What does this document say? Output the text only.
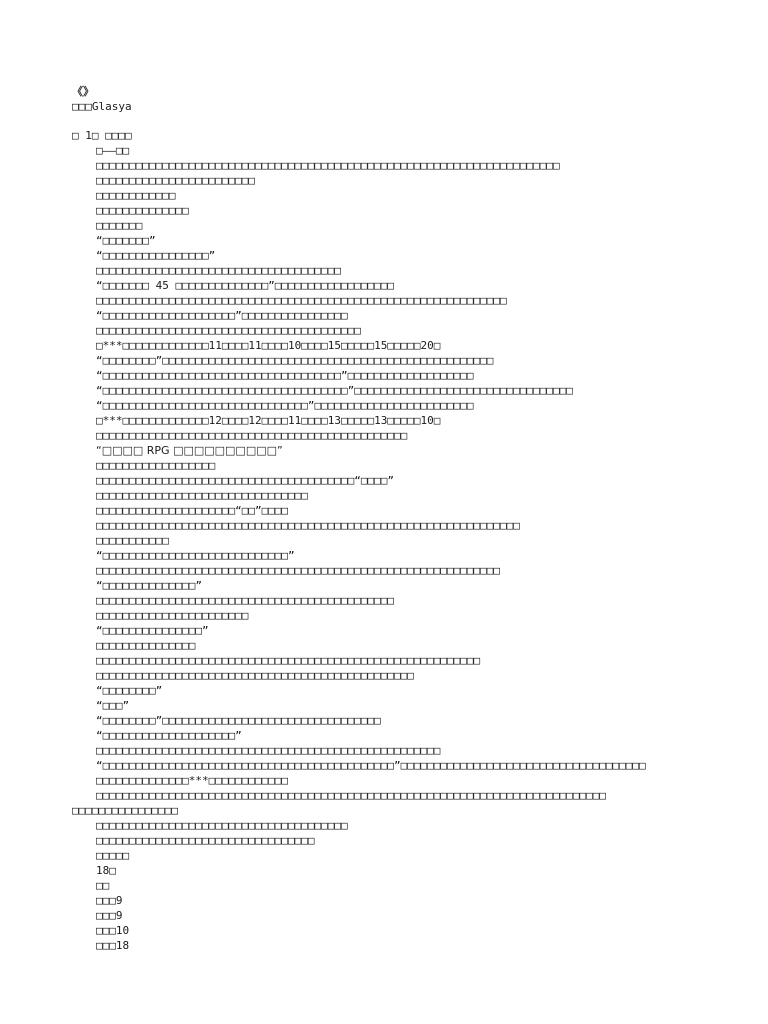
《》
□□□Glasya
□ 1□ □□□□
□——□□
□□□□□□□□□□□□□□□□□□□□□□□□□□□□□□□□□□□□□□□□□□□□□□□□□□□□□□□□□□□□□□□□□□□□□□
□□□□□□□□□□□□□□□□□□□□□□□□
□□□□□□□□□□□□
□□□□□□□□□□□□□□
□□□□□□□
“□□□□□□□”
“□□□□□□□□□□□□□□□□”
□□□□□□□□□□□□□□□□□□□□□□□□□□□□□□□□□□□□□
“□□□□□□□ 45 □□□□□□□□□□□□□□”□□□□□□□□□□□□□□□□□□
□□□□□□□□□□□□□□□□□□□□□□□□□□□□□□□□□□□□□□□□□□□□□□□□□□□□□□□□□□□□□□
“□□□□□□□□□□□□□□□□□□□□”□□□□□□□□□□□□□□□□
□□□□□□□□□□□□□□□□□□□□□□□□□□□□□□□□□□□□□□□□
□***□□□□□□□□□□□□□11□□□□11□□□□10□□□□15□□□□□15□□□□□20□
“□□□□□□□□”□□□□□□□□□□□□□□□□□□□□□□□□□□□□□□□□□□□□□□□□□□□□□□□□□□
“□□□□□□□□□□□□□□□□□□□□□□□□□□□□□□□□□□□□”□□□□□□□□□□□□□□□□□□□
“□□□□□□□□□□□□□□□□□□□□□□□□□□□□□□□□□□□□□”□□□□□□□□□□□□□□□□□□□□□□□□□□□□□□□□□
“□□□□□□□□□□□□□□□□□□□□□□□□□□□□□□□”□□□□□□□□□□□□□□□□□□□□□□□□
□***□□□□□□□□□□□□□12□□□□12□□□□11□□□□13□□□□□13□□□□□10□
□□□□□□□□□□□□□□□□□□□□□□□□□□□□□□□□□□□□□□□□□□□□□□□
“□□□□ RPG □□□□□□□□□□”
□□□□□□□□□□□□□□□□□□
□□□□□□□□□□□□□□□□□□□□□□□□□□□□□□□□□□□□□□□“□□□□”
□□□□□□□□□□□□□□□□□□□□□□□□□□□□□□□□
□□□□□□□□□□□□□□□□□□□□□“□□”□□□□
□□□□□□□□□□□□□□□□□□□□□□□□□□□□□□□□□□□□□□□□□□□□□□□□□□□□□□□□□□□□□□□□
□□□□□□□□□□□
“□□□□□□□□□□□□□□□□□□□□□□□□□□□□”
□□□□□□□□□□□□□□□□□□□□□□□□□□□□□□□□□□□□□□□□□□□□□□□□□□□□□□□□□□□□□
“□□□□□□□□□□□□□□”
□□□□□□□□□□□□□□□□□□□□□□□□□□□□□□□□□□□□□□□□□□□□□
□□□□□□□□□□□□□□□□□□□□□□□
“□□□□□□□□□□□□□□□”
□□□□□□□□□□□□□□□
□□□□□□□□□□□□□□□□□□□□□□□□□□□□□□□□□□□□□□□□□□□□□□□□□□□□□□□□□□
□□□□□□□□□□□□□□□□□□□□□□□□□□□□□□□□□□□□□□□□□□□□□□□□
“□□□□□□□□”
“□□□”
“□□□□□□□□”□□□□□□□□□□□□□□□□□□□□□□□□□□□□□□□□□
“□□□□□□□□□□□□□□□□□□□□”
□□□□□□□□□□□□□□□□□□□□□□□□□□□□□□□□□□□□□□□□□□□□□□□□□□□□
“□□□□□□□□□□□□□□□□□□□□□□□□□□□□□□□□□□□□□□□□□□□□”□□□□□□□□□□□□□□□□□□□□□□□□□□□□□□□□□□□□□
□□□□□□□□□□□□□□***□□□□□□□□□□□□
□□□□□□□□□□□□□□□□□□□□□□□□□□□□□□□□□□□□□□□□□□□□□□□□□□□□□□□□□□□□□□□□□□□□□□□□□□□□□
□□□□□□□□□□□□□□□□
□□□□□□□□□□□□□□□□□□□□□□□□□□□□□□□□□□□□□□
□□□□□□□□□□□□□□□□□□□□□□□□□□□□□□□□□
□□□□□
18□
□□
□□□9
□□□9
□□□10
□□□18
